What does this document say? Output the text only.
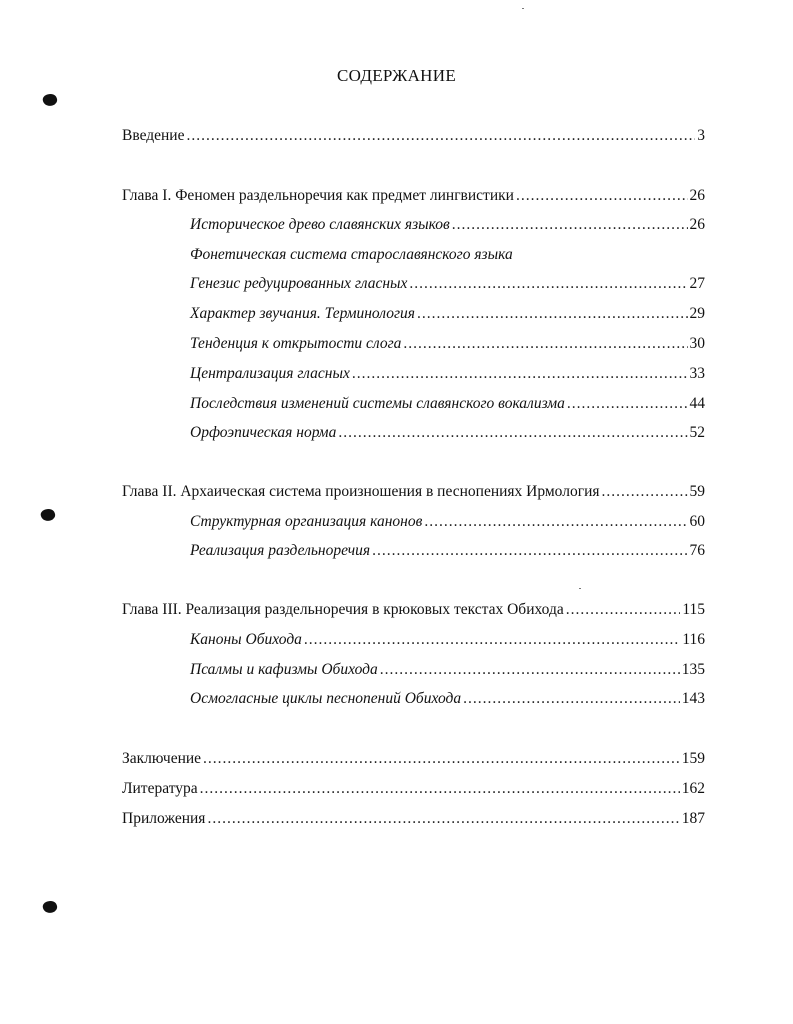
СОДЕРЖАНИЕ
Введение .....	3
Глава I. Феномен раздельноречия как предмет лингвистики .....	26
Историческое древо славянских языков .....	26
Фонетическая система старославянского языка
Генезис редуцированных гласных .....	27
Характер звучания. Терминология .....	29
Тенденция к открытости слога .....	30
Централизация гласных .....	33
Последствия изменений системы славянского вокализма .....	44
Орфоэпическая норма .....	52
Глава II. Архаическая система произношения в песнопениях Ирмология .....	59
Структурная организация канонов .....	60
Реализация раздельноречия .....	76
Глава III. Реализация раздельноречия в крюковых текстах Обихода .....	115
Каноны Обихода .....	116
Псалмы и кафизмы Обихода .....	135
Осмогласные циклы песнопений Обихода .....	143
Заключение .....	159
Литература .....	162
Приложения .....	187
